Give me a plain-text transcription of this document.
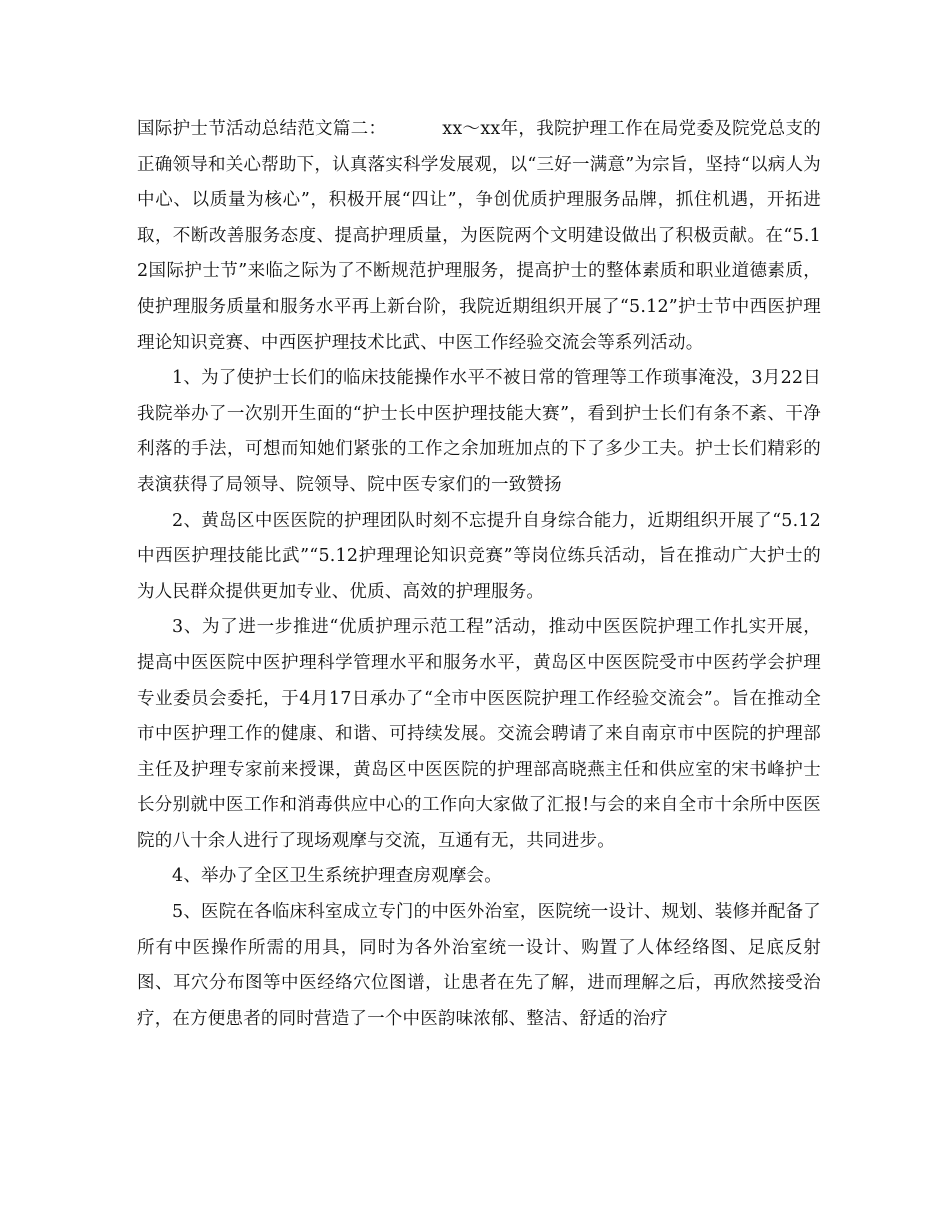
国际护士节活动总结范文篇二：	xx～xx年，我院护理工作在局党委及院党总支的正确领导和关心帮助下，认真落实科学发展观，以“三好一满意”为宗旨，坚持“以病人为中心、以质量为核心”，积极开展“四让”，争创优质护理服务品牌，抓住机遇，开拓进取，不断改善服务态度、提高护理质量，为医院两个文明建设做出了积极贡献。在“5.12国际护士节”来临之际为了不断规范护理服务，提高护士的整体素质和职业道德素质，使护理服务质量和服务水平再上新台阶，我院近期组织开展了“5.12”护士节中西医护理理论知识竞赛、中西医护理技术比武、中医工作经验交流会等系列活动。

1、为了使护士长们的临床技能操作水平不被日常的管理等工作琐事淹没，3月22日我院举办了一次别开生面的“护士长中医护理技能大赛”，看到护士长们有条不紊、干净利落的手法，可想而知她们紧张的工作之余加班加点的下了多少工夫。护士长们精彩的表演获得了局领导、院领导、院中医专家们的一致赞扬

2、黄岛区中医医院的护理团队时刻不忘提升自身综合能力，近期组织开展了“5.12中西医护理技能比武”“5.12护理理论知识竞赛”等岗位练兵活动，旨在推动广大护士的为人民群众提供更加专业、优质、高效的护理服务。

3、为了进一步推进“优质护理示范工程”活动，推动中医医院护理工作扎实开展，提高中医医院中医护理科学管理水平和服务水平，黄岛区中医医院受市中医药学会护理专业委员会委托，于4月17日承办了“全市中医医院护理工作经验交流会”。旨在推动全市中医护理工作的健康、和谐、可持续发展。交流会聘请了来自南京市中医院的护理部主任及护理专家前来授课，黄岛区中医医院的护理部高晓燕主任和供应室的宋书峰护士长分别就中医工作和消毒供应中心的工作向大家做了汇报!与会的来自全市十余所中医医院的八十余人进行了现场观摩与交流，互通有无，共同进步。

4、举办了全区卫生系统护理查房观摩会。

5、医院在各临床科室成立专门的中医外治室，医院统一设计、规划、装修并配备了所有中医操作所需的用具，同时为各外治室统一设计、购置了人体经络图、足底反射图、耳穴分布图等中医经络穴位图谱，让患者在先了解，进而理解之后，再欣然接受治疗，在方便患者的同时营造了一个中医韵味浓郁、整洁、舒适的治疗
